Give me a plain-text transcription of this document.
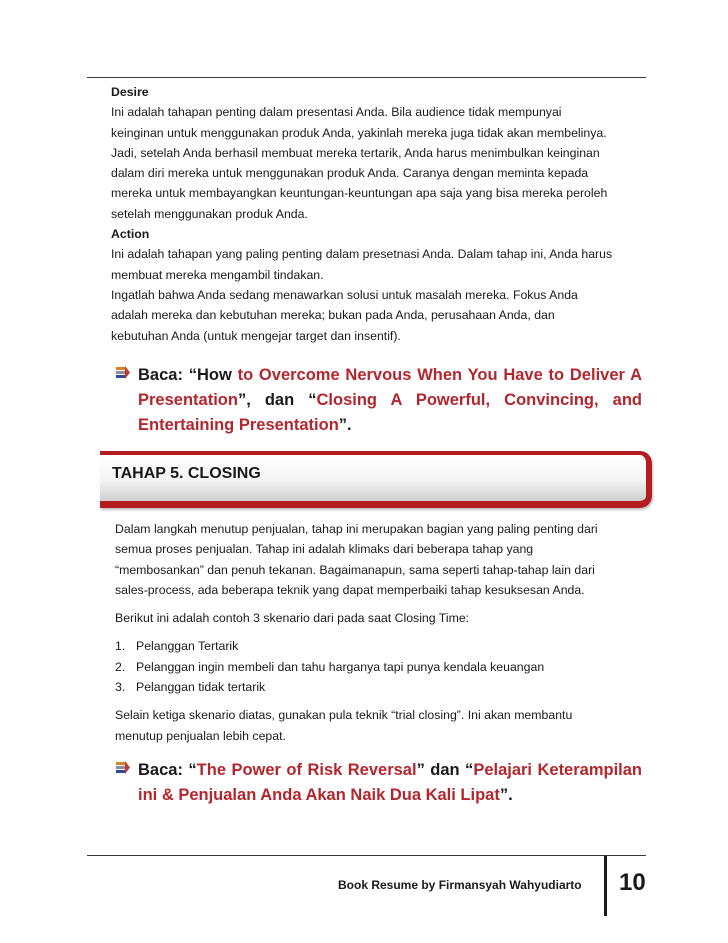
Desire

Ini adalah tahapan penting dalam presentasi Anda. Bila audience tidak mempunyai

keinginan untuk menggunakan produk Anda, yakinlah mereka juga tidak akan membelinya.

Jadi, setelah Anda berhasil membuat mereka tertarik, Anda harus menimbulkan keinginan

dalam diri mereka untuk menggunakan produk Anda. Caranya dengan meminta kepada

mereka untuk membayangkan keuntungan-keuntungan apa saja yang bisa mereka peroleh

setelah menggunakan produk Anda.

Action

Ini adalah tahapan yang paling penting dalam presetnasi Anda. Dalam tahap ini, Anda harus

membuat mereka mengambil tindakan.

Ingatlah bahwa Anda sedang menawarkan solusi untuk masalah mereka. Fokus Anda

adalah mereka dan kebutuhan mereka; bukan pada Anda, perusahaan Anda, dan

kebutuhan Anda (untuk mengejar target dan insentif).

Baca: “How to Overcome Nervous When You Have to Deliver A Presentation”, dan “Closing A Powerful, Convincing, and Entertaining Presentation”.
TAHAP 5. CLOSING

Dalam langkah menutup penjualan, tahap ini merupakan bagian yang paling penting dari

semua proses penjualan. Tahap ini adalah klimaks dari beberapa tahap yang

“membosankan” dan penuh tekanan. Bagaimanapun, sama seperti tahap-tahap lain dari

sales-process, ada beberapa teknik yang dapat memperbaiki tahap kesuksesan Anda.

Berikut ini adalah contoh 3 skenario dari pada saat Closing Time:

1. Pelanggan Tertarik
2. Pelanggan ingin membeli dan tahu harganya tapi punya kendala keuangan
3. Pelanggan tidak tertarik

Selain ketiga skenario diatas, gunakan pula teknik “trial closing”. Ini akan membantu

menutup penjualan lebih cepat.

Baca: “The Power of Risk Reversal” dan “Pelajari Keterampilan ini & Penjualan Anda Akan Naik Dua Kali Lipat”.
Book Resume by Firmansyah Wahyudiarto 10
